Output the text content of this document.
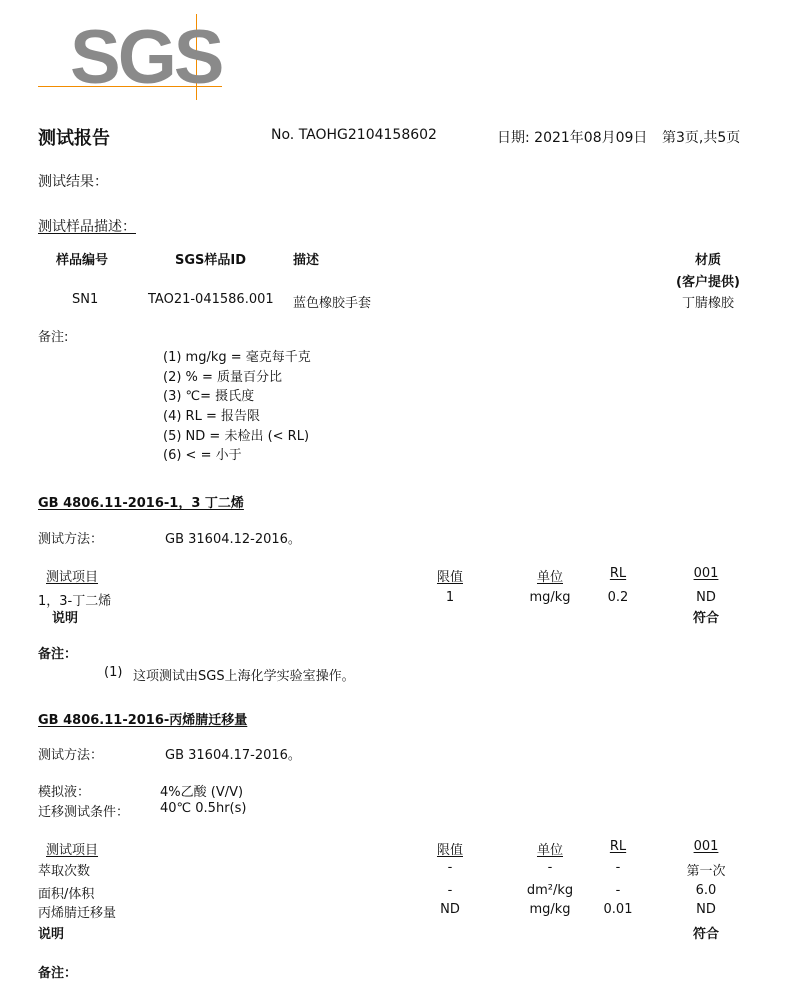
SGS
测试报告	No. TAOHG2104158602	日期: 2021年08月09日 第3页,共5页
测试结果：
测试样品描述：
样品编号	SGS样品ID	描述	材质
(客户提供)
SN1	TAO21-041586.001 蓝色橡胶手套	丁腈橡胶
备注:
(1) mg/kg = 毫克每千克
(2) % = 质量百分比
(3) ℃= 摄氏度
(4) RL = 报告限
(5) ND = 未检出 (< RL)
(6) < = 小于
GB 4806.11-2016-1，3 丁二烯
测试方法：	GB 31604.12-2016。
测试项目	限值	单位	RL	001
1，3-丁二烯	1	mg/kg	0.2	ND
说明	符合
备注：
(1) 这项测试由SGS上海化学实验室操作。
GB 4806.11-2016-丙烯腈迁移量
测试方法：	GB 31604.17-2016。
模拟液：	4%乙酸 (V/V)
迁移测试条件： 40℃ 0.5hr(s)
测试项目	限值	单位	RL	001
萃取次数	-	-	-	第一次
面积/体积	-	dm²/kg	-	6.0
丙烯腈迁移量	ND	mg/kg	0.01	ND
说明	符合
备注：
